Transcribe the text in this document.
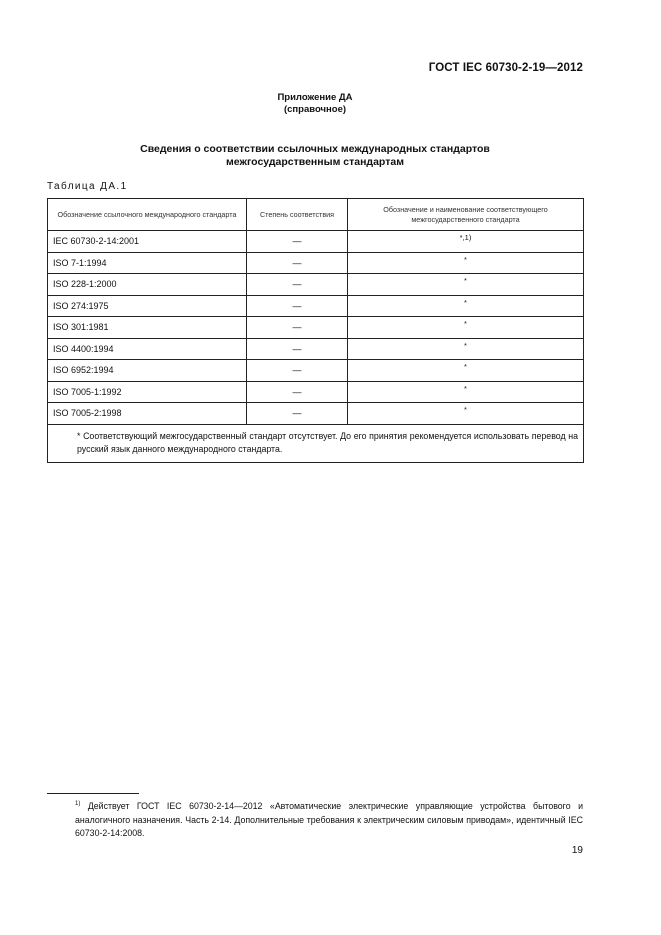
ГОСТ IEC 60730-2-19—2012
Приложение ДА
(справочное)
Сведения о соответствии ссылочных международных стандартов
межгосударственным стандартам
Таблица ДА.1
Обозначение ссылочного международного стандарта	Степень соответствия	Обозначение и наименование соответствующего межгосударственного стандарта
IEC 60730-2-14:2001	—	*,1)
ISO 7-1:1994	—	*
ISO 228-1:2000	—	*
ISO 274:1975	—	*
ISO 301:1981	—	*
ISO 4400:1994	—	*
ISO 6952:1994	—	*
ISO 7005-1:1992	—	*
ISO 7005-2:1998	—	*

* Соответствующий межгосударственный стандарт отсутствует. До его принятия рекомендуется использовать перевод на русский язык данного международного стандарта.		
$^{1)}$ Действует ГОСТ IEC 60730-2-14—2012 «Автоматические электрические управляющие устройства бытового и аналогичного назначения. Часть 2-14. Дополнительные требования к электрическим силовым приводам», идентичный IEC 60730-2-14:2008.
19
